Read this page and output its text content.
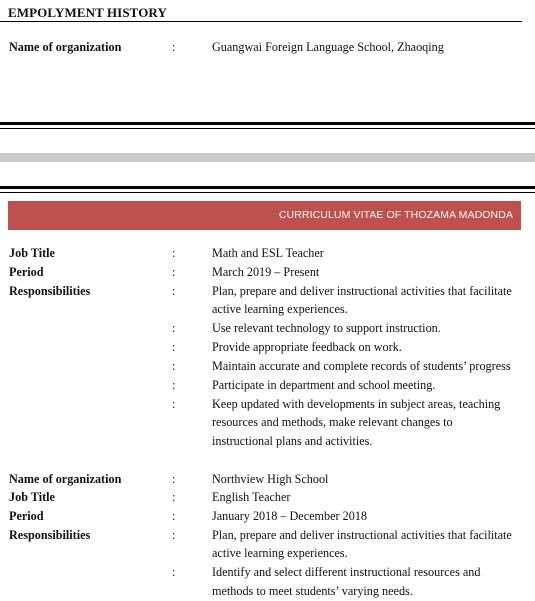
EMPOLYMENT HISTORY
Name of organization	:	Guangwai Foreign Language School, Zhaoqing
CURRICULUM VITAE OF THOZAMA MADONDA
Job Title	:	Math and ESL Teacher
Period	:	March 2019 – Present
Responsibilities	:	Plan, prepare and deliver instructional activities that facilitate
active learning experiences.
:	Use relevant technology to support instruction.
:	Provide appropriate feedback on work.
:	Maintain accurate and complete records of students’ progress
:	Participate in department and school meeting.
:	Keep updated with developments in subject areas, teaching
resources and methods, make relevant changes to
instructional plans and activities.
Name of organization	:	Northview High School
Job Title	:	English Teacher
Period	:	January 2018 – December 2018
Responsibilities	:	Plan, prepare and deliver instructional activities that facilitate
active learning experiences.
:	Identify and select different instructional resources and
methods to meet students’ varying needs.
